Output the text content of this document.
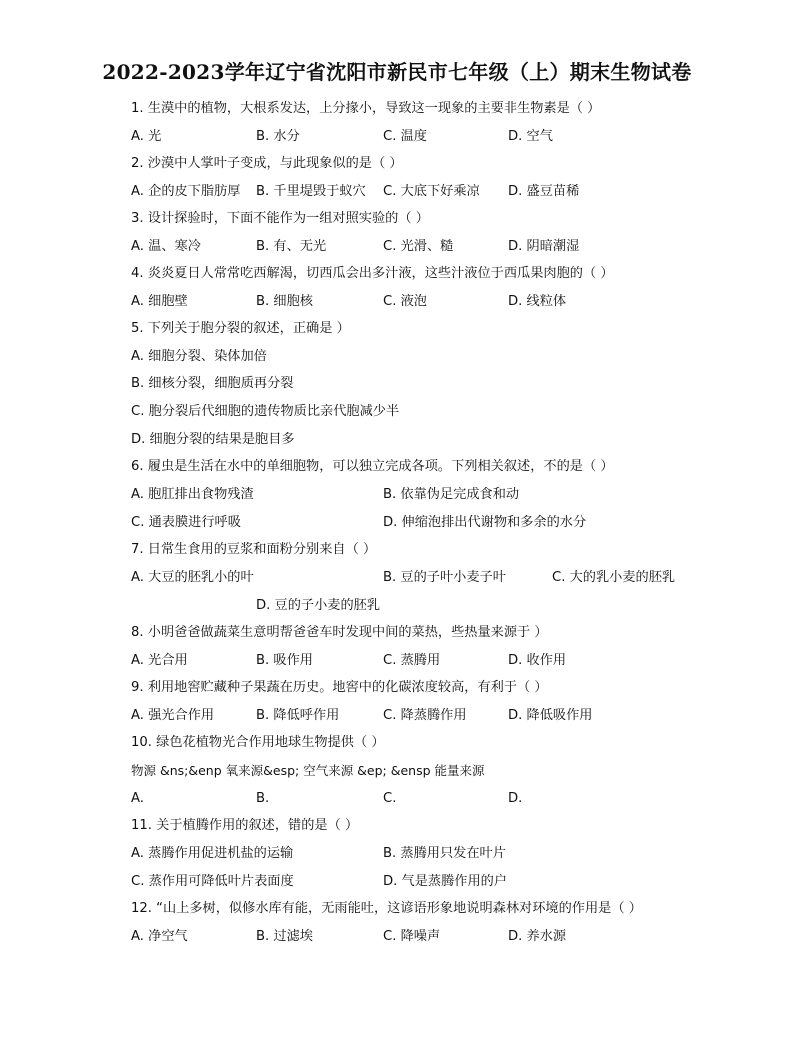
2022-2023学年辽宁省沈阳市新民市七年级（上）期末生物试卷
1. 生漠中的植物，大根系发达，上分掾小，导致这一现象的主要非生物素是（ ）
A. 光	B. 水分	C. 温度	D. 空气
2. 沙漠中人掌叶子变成，与此现象似的是（ ）
A. 企的皮下脂肪厚 B. 千里堤毁于蚁穴 C. 大底下好乘凉 D. 盛豆苗稀
3. 设计探验时，下面不能作为一组对照实验的（ ）
A. 温、寒冷	B. 有、无光	C. 光滑、糙	D. 阴暗潮湿
4. 炎炎夏日人常常吃西解渴，切西瓜会出多汁液，这些汁液位于西瓜果肉胞的（ ）
A. 细胞壁	B. 细胞核	C. 液泡	D. 线粒体
5. 下列关于胞分裂的叙述，正确是 ）
A. 细胞分裂、染体加倍
B. 细核分裂，细胞质再分裂
C. 胞分裂后代细胞的遗传物质比亲代胞减少半
D. 细胞分裂的结果是胞目多
6. 履虫是生活在水中的单细胞物，可以独立完成各项。下列相关叙述，不的是（ ）
A. 胞肛排出食物残渣	B. 依靠伪足完成食和动
C. 通表膜进行呼吸	D. 伸缩泡排出代谢物和多余的水分
7. 日常生食用的豆浆和面粉分别来自（ ）
A. 大豆的胚乳小的叶	B. 豆的子叶小麦子叶	C. 大的乳小麦的胚乳
D. 豆的子小麦的胚乳
8. 小明爸爸做蔬菜生意明帮爸爸车时发现中间的菜热，些热量来源于 ）
A. 光合用	B. 吸作用	C. 蒸腾用	D. 收作用
9. 利用地窖贮藏种子果蔬在历史。地窖中的化碳浓度较高，有利于（ ）
A. 强光合作用	B. 降低呼作用	C. 降蒸腾作用	D. 降低吸作用
10. 绿色花植物光合作用地球生物提供（ ）
物源 &ns;&enp 氧来源&esp; 空气来源 &ep; &ensp 能量来源
A.	B.	C.	D.
11. 关于植腾作用的叙述，错的是（ ）
A. 蒸腾作用促进机盐的运输	B. 蒸腾用只发在叶片
C. 蒸作用可降低叶片表面度	D. 气是蒸腾作用的户
12. “山上多树，似修水库有能，无雨能吐，这谚语形象地说明森林对环境的作用是（ ）
A. 净空气	B. 过滤埃	C. 降噪声	D. 养水源
